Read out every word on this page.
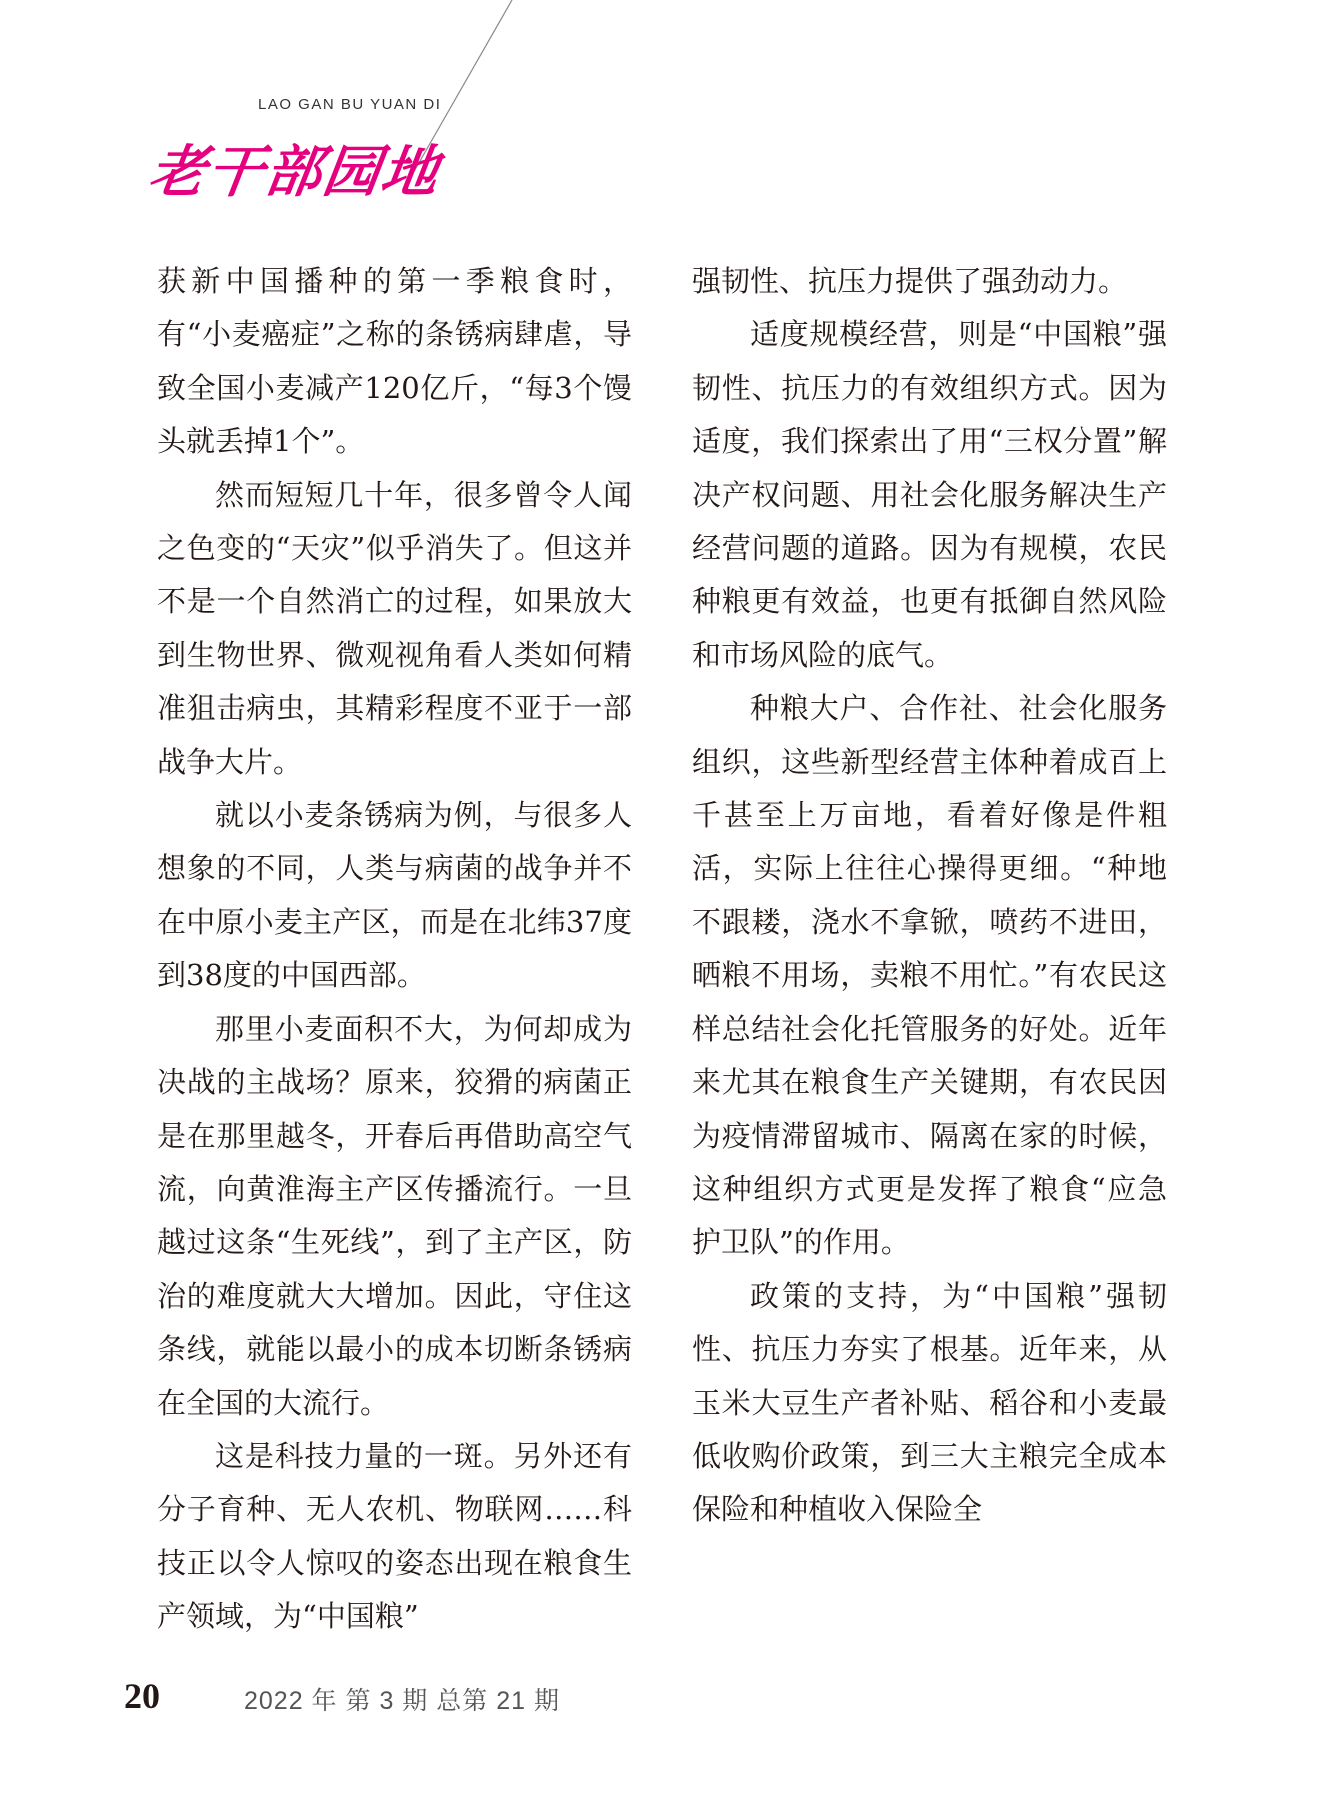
LAO GAN BU YUAN DI
老干部园地

获新中国播种的第一季粮食时，有“小麦癌症”之称的条锈病肆虐，导致全国小麦减产120亿斤，“每3个馒头就丢掉1个”。

然而短短几十年，很多曾令人闻之色变的“天灾”似乎消失了。但这并不是一个自然消亡的过程，如果放大到生物世界、微观视角看人类如何精准狙击病虫，其精彩程度不亚于一部战争大片。

就以小麦条锈病为例，与很多人想象的不同，人类与病菌的战争并不在中原小麦主产区，而是在北纬37度到38度的中国西部。

那里小麦面积不大，为何却成为决战的主战场？原来，狡猾的病菌正是在那里越冬，开春后再借助高空气流，向黄淮海主产区传播流行。一旦越过这条“生死线”，到了主产区，防治的难度就大大增加。因此，守住这条线，就能以最小的成本切断条锈病在全国的大流行。

这是科技力量的一斑。另外还有分子育种、无人农机、物联网……科技正以令人惊叹的姿态出现在粮食生产领域，为“中国粮”

强韧性、抗压力提供了强劲动力。

适度规模经营，则是“中国粮”强韧性、抗压力的有效组织方式。因为适度，我们探索出了用“三权分置”解决产权问题、用社会化服务解决生产经营问题的道路。因为有规模，农民种粮更有效益，也更有抵御自然风险和市场风险的底气。

种粮大户、合作社、社会化服务组织，这些新型经营主体种着成百上千甚至上万亩地，看着好像是件粗活，实际上往往心操得更细。“种地不跟耧，浇水不拿锨，喷药不进田，晒粮不用场，卖粮不用忙。”有农民这样总结社会化托管服务的好处。近年来尤其在粮食生产关键期，有农民因为疫情滞留城市、隔离在家的时候，这种组织方式更是发挥了粮食“应急护卫队”的作用。

政策的支持，为“中国粮”强韧性、抗压力夯实了根基。近年来，从玉米大豆生产者补贴、稻谷和小麦最低收购价政策，到三大主粮完全成本保险和种植收入保险全

20	2022 年 第 3 期 总第 21 期
